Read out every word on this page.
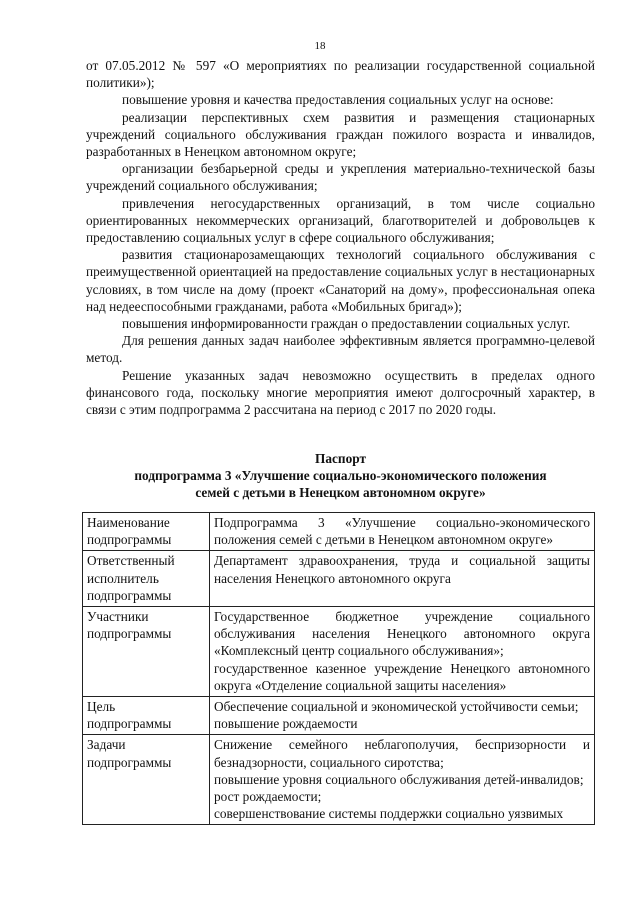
18

от 07.05.2012 № 597 «О мероприятиях по реализации государственной социальной политики»);

повышение уровня и качества предоставления социальных услуг на основе:

реализации перспективных схем развития и размещения стационарных учреждений социального обслуживания граждан пожилого возраста и инвалидов, разработанных в Ненецком автономном округе;

организации безбарьерной среды и укрепления материально-технической базы учреждений социального обслуживания;

привлечения негосударственных организаций, в том числе социально ориентированных некоммерческих организаций, благотворителей и добровольцев к предоставлению социальных услуг в сфере социального обслуживания;

развития стационарозамещающих технологий социального обслуживания с преимущественной ориентацией на предоставление социальных услуг в нестационарных условиях, в том числе на дому (проект «Санаторий на дому», профессиональная опека над недееспособными гражданами, работа «Мобильных бригад»);

повышения информированности граждан о предоставлении социальных услуг.

Для решения данных задач наиболее эффективным является программно-целевой метод.

Решение указанных задач невозможно осуществить в пределах одного финансового года, поскольку многие мероприятия имеют долгосрочный характер, в связи с этим подпрограмма 2 рассчитана на период с 2017 по 2020 годы.

Паспорт
подпрограмма 3 «Улучшение социально-экономического положения
семей с детьми в Ненецком автономном округе»
Наименование
подпрограммы	Подпрограмма 3 «Улучшение социально-экономического положения семей с детьми в Ненецком автономном округе»

Ответственный
исполнитель
подпрограммы	Департамент здравоохранения, труда и социальной защиты населения Ненецкого автономного округа

Участники
подпрограммы	Государственное бюджетное учреждение социального обслуживания населения Ненецкого автономного округа «Комплексный центр социального обслуживания»;
государственное казенное учреждение Ненецкого автономного округа «Отделение социальной защиты населения»

Цель
подпрограммы	Обеспечение социальной и экономической устойчивости семьи;
повышение рождаемости

Задачи
подпрограммы	Снижение семейного неблагополучия, беспризорности и безнадзорности, социального сиротства;
повышение уровня социального обслуживания детей-инвалидов;
рост рождаемости;
совершенствование системы поддержки социально уязвимых
